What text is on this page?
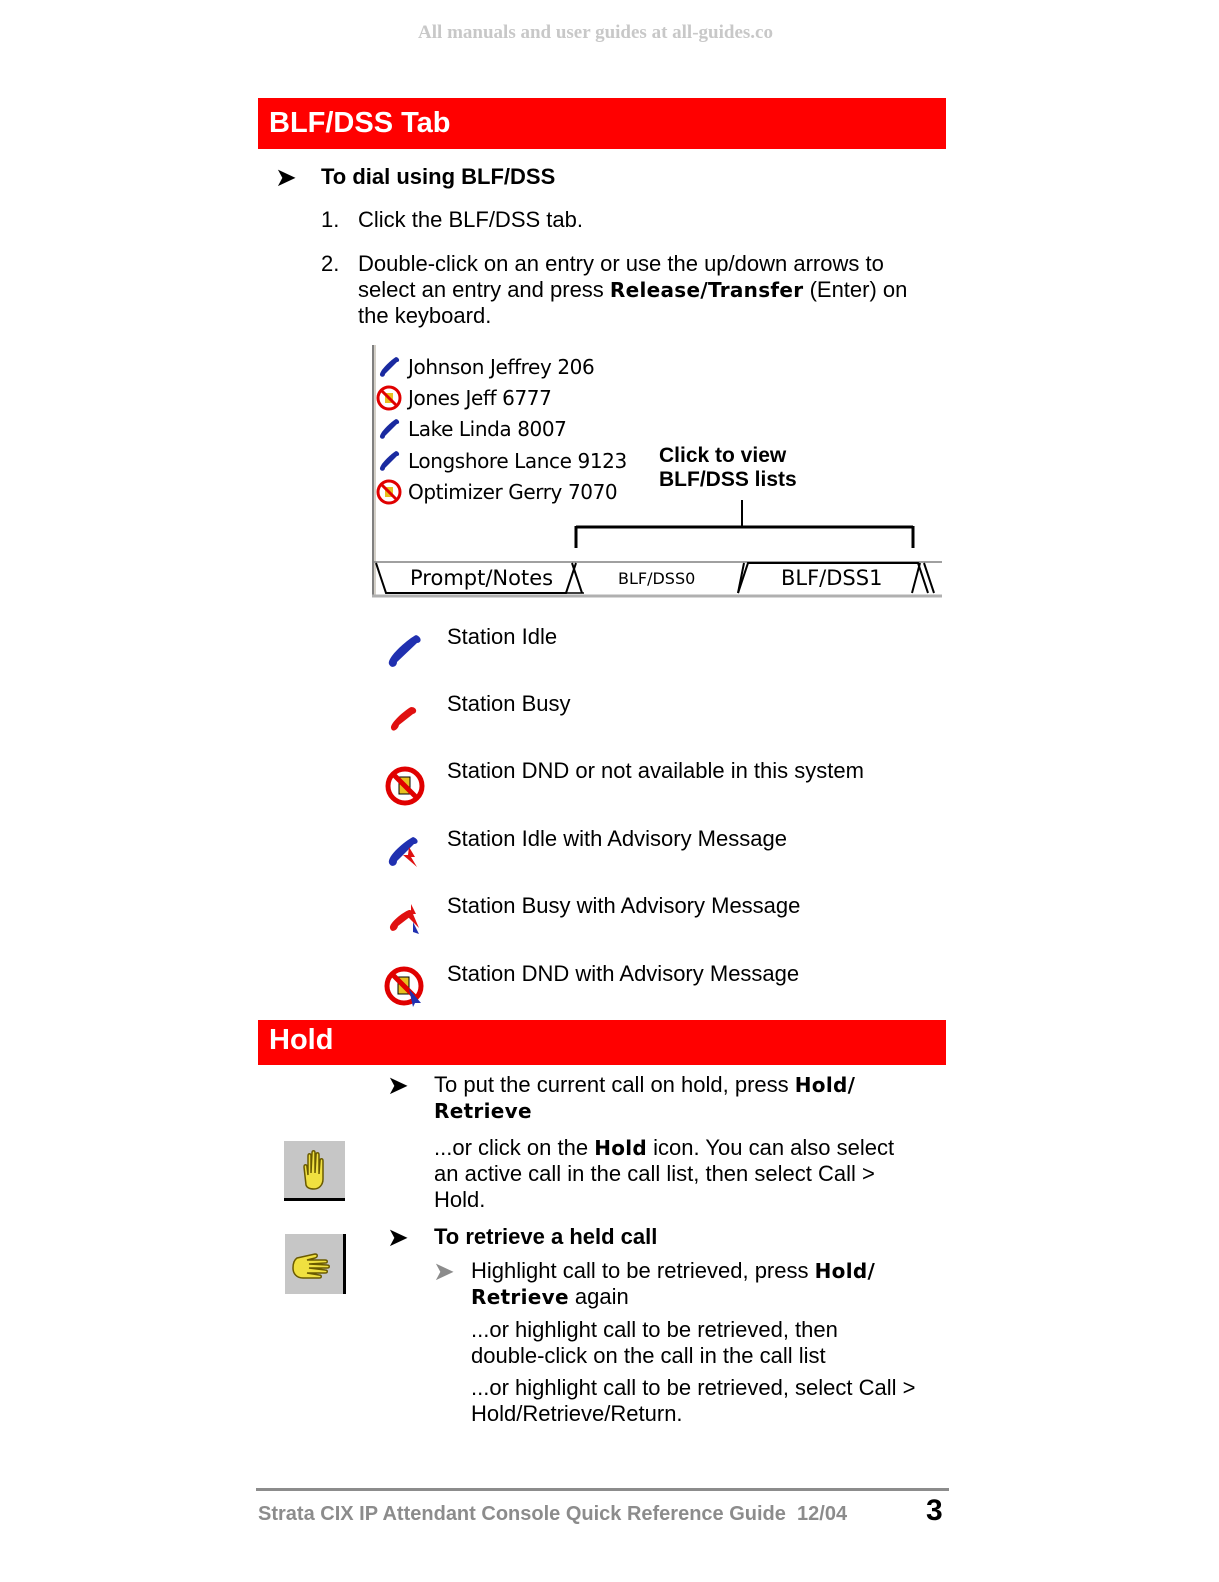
All manuals and user guides at all-guides.co
BLF/DSS Tab
➤ To dial using BLF/DSS
1. Click the BLF/DSS tab.
2. Double-click on an entry or use the up/down arrows to
select an entry and press Release/Transfer (Enter) on
the keyboard.
Johnson Jeffrey 206
Jones Jeff 6777
Lake Linda 8007
Longshore Lance 9123
Optimizer Gerry 7070
Click to view
BLF/DSS lists
Prompt/Notes	BLF/DSS0	BLF/DSS1
Station Idle
Station Busy
Station DND or not available in this system
Station Idle with Advisory Message
Station Busy with Advisory Message
Station DND with Advisory Message
Hold
➤ To put the current call on hold, press Hold/
Retrieve
...or click on the Hold icon. You can also select
an active call in the call list, then select Call >
Hold.
➤ To retrieve a held call
➤ Highlight call to be retrieved, press Hold/
Retrieve again
...or highlight call to be retrieved, then
double-click on the call in the call list
...or highlight call to be retrieved, select Call >
Hold/Retrieve/Return.
Strata CIX IP Attendant Console Quick Reference Guide 12/04	3
